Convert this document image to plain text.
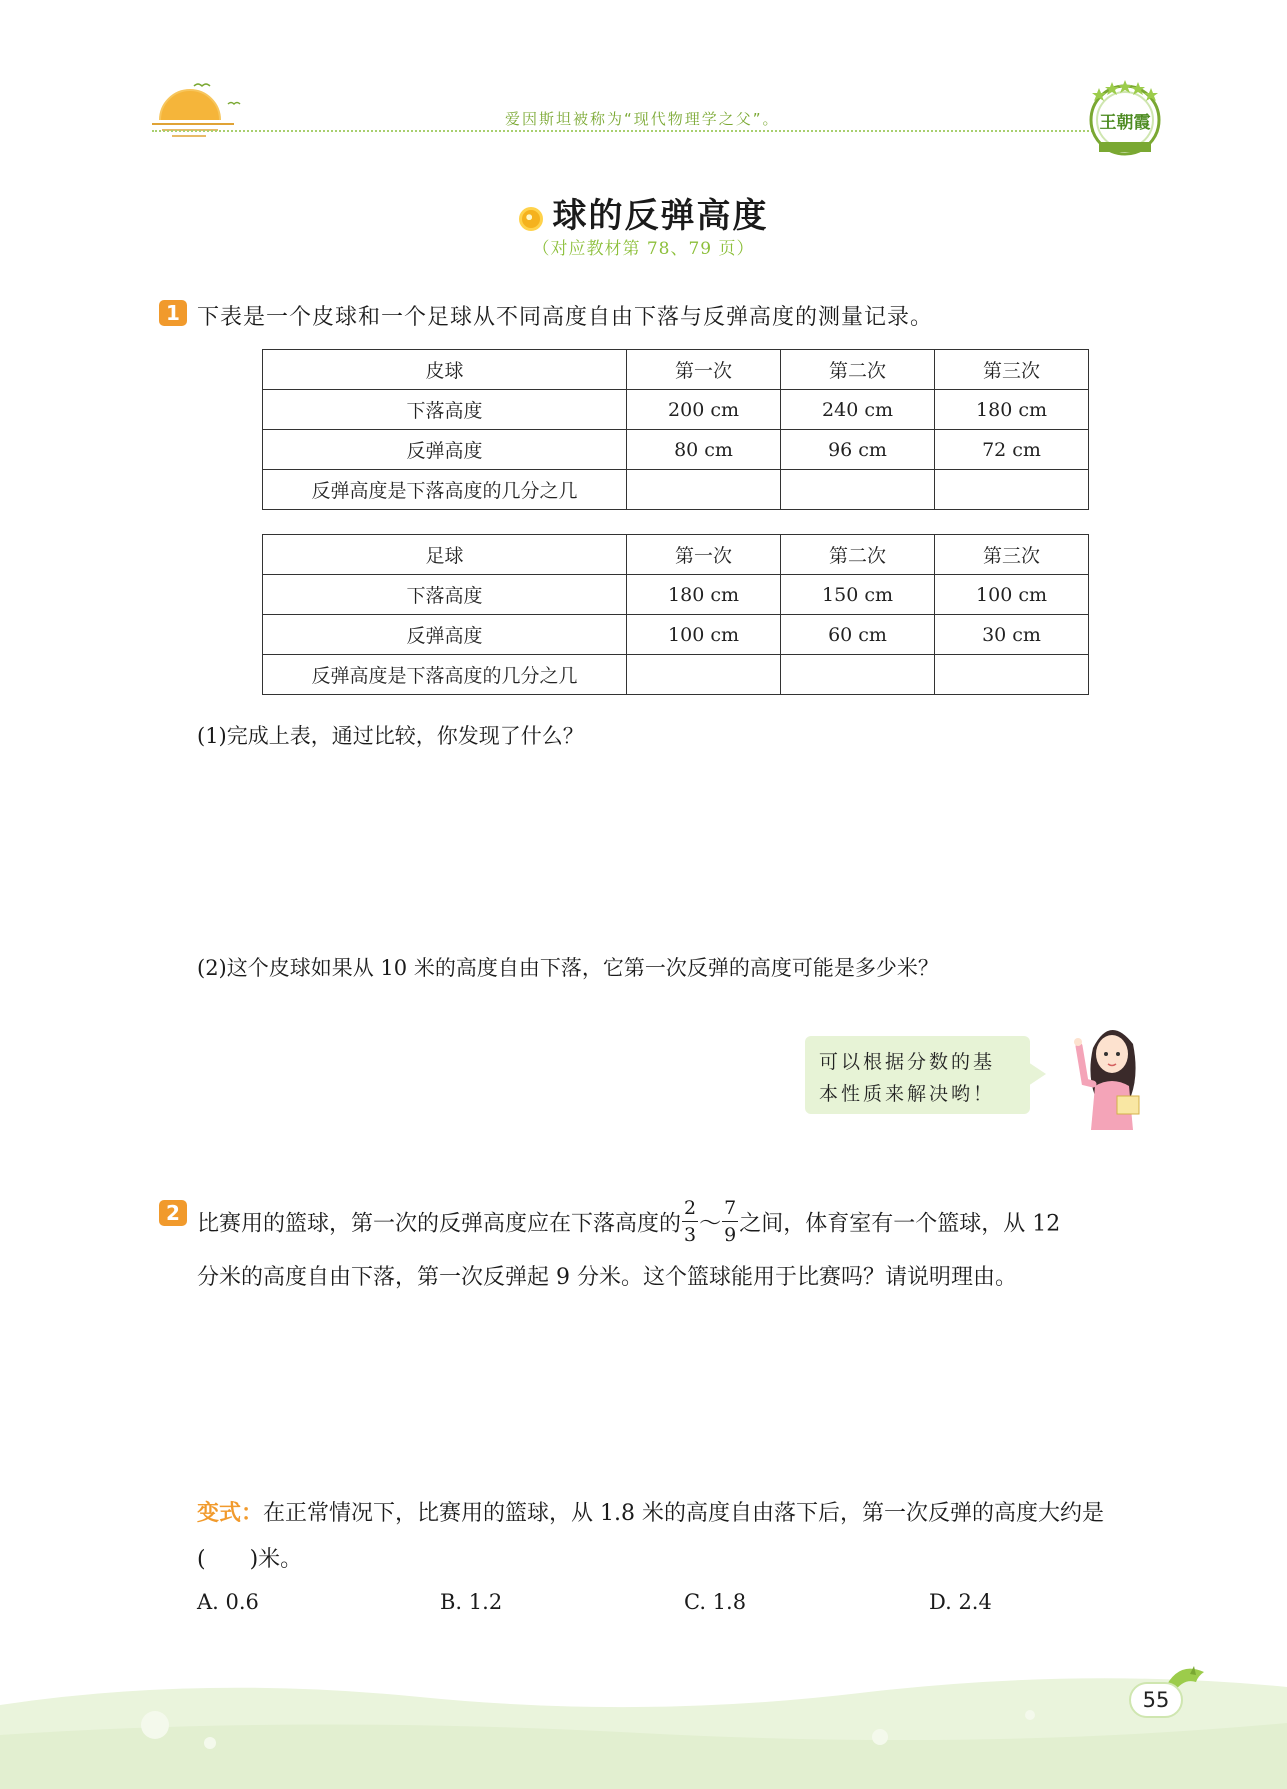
爱因斯坦被称为“现代物理学之父”。	王朝霞
球的反弹高度
（对应教材第 78、79 页）
1 下表是一个皮球和一个足球从不同高度自由下落与反弹高度的测量记录。
皮球	第一次	第二次	第三次
下落高度	200 cm	240 cm	180 cm
反弹高度	80 cm	96 cm	72 cm
反弹高度是下落高度的几分之几			
足球	第一次	第二次	第三次
下落高度	180 cm	150 cm	100 cm
反弹高度	100 cm	60 cm	30 cm
反弹高度是下落高度的几分之几			
(1)完成上表，通过比较，你发现了什么？
(2)这个皮球如果从 10 米的高度自由下落，它第一次反弹的高度可能是多少米？
可以根据分数的基
本性质来解决哟！
2 比赛用的篮球，第一次的反弹高度应在下落高度的 $\frac{2}{3}$ ～ $\frac{7}{9}$ 之间，体育室有一个篮球，从 12
分米的高度自由下落，第一次反弹起 9 分米。这个篮球能用于比赛吗？请说明理由。
变式：在正常情况下，比赛用的篮球，从 1.8 米的高度自由落下后，第一次反弹的高度大约是
(　　)米。
A. 0.6	B. 1.2	C. 1.8	D. 2.4
55
